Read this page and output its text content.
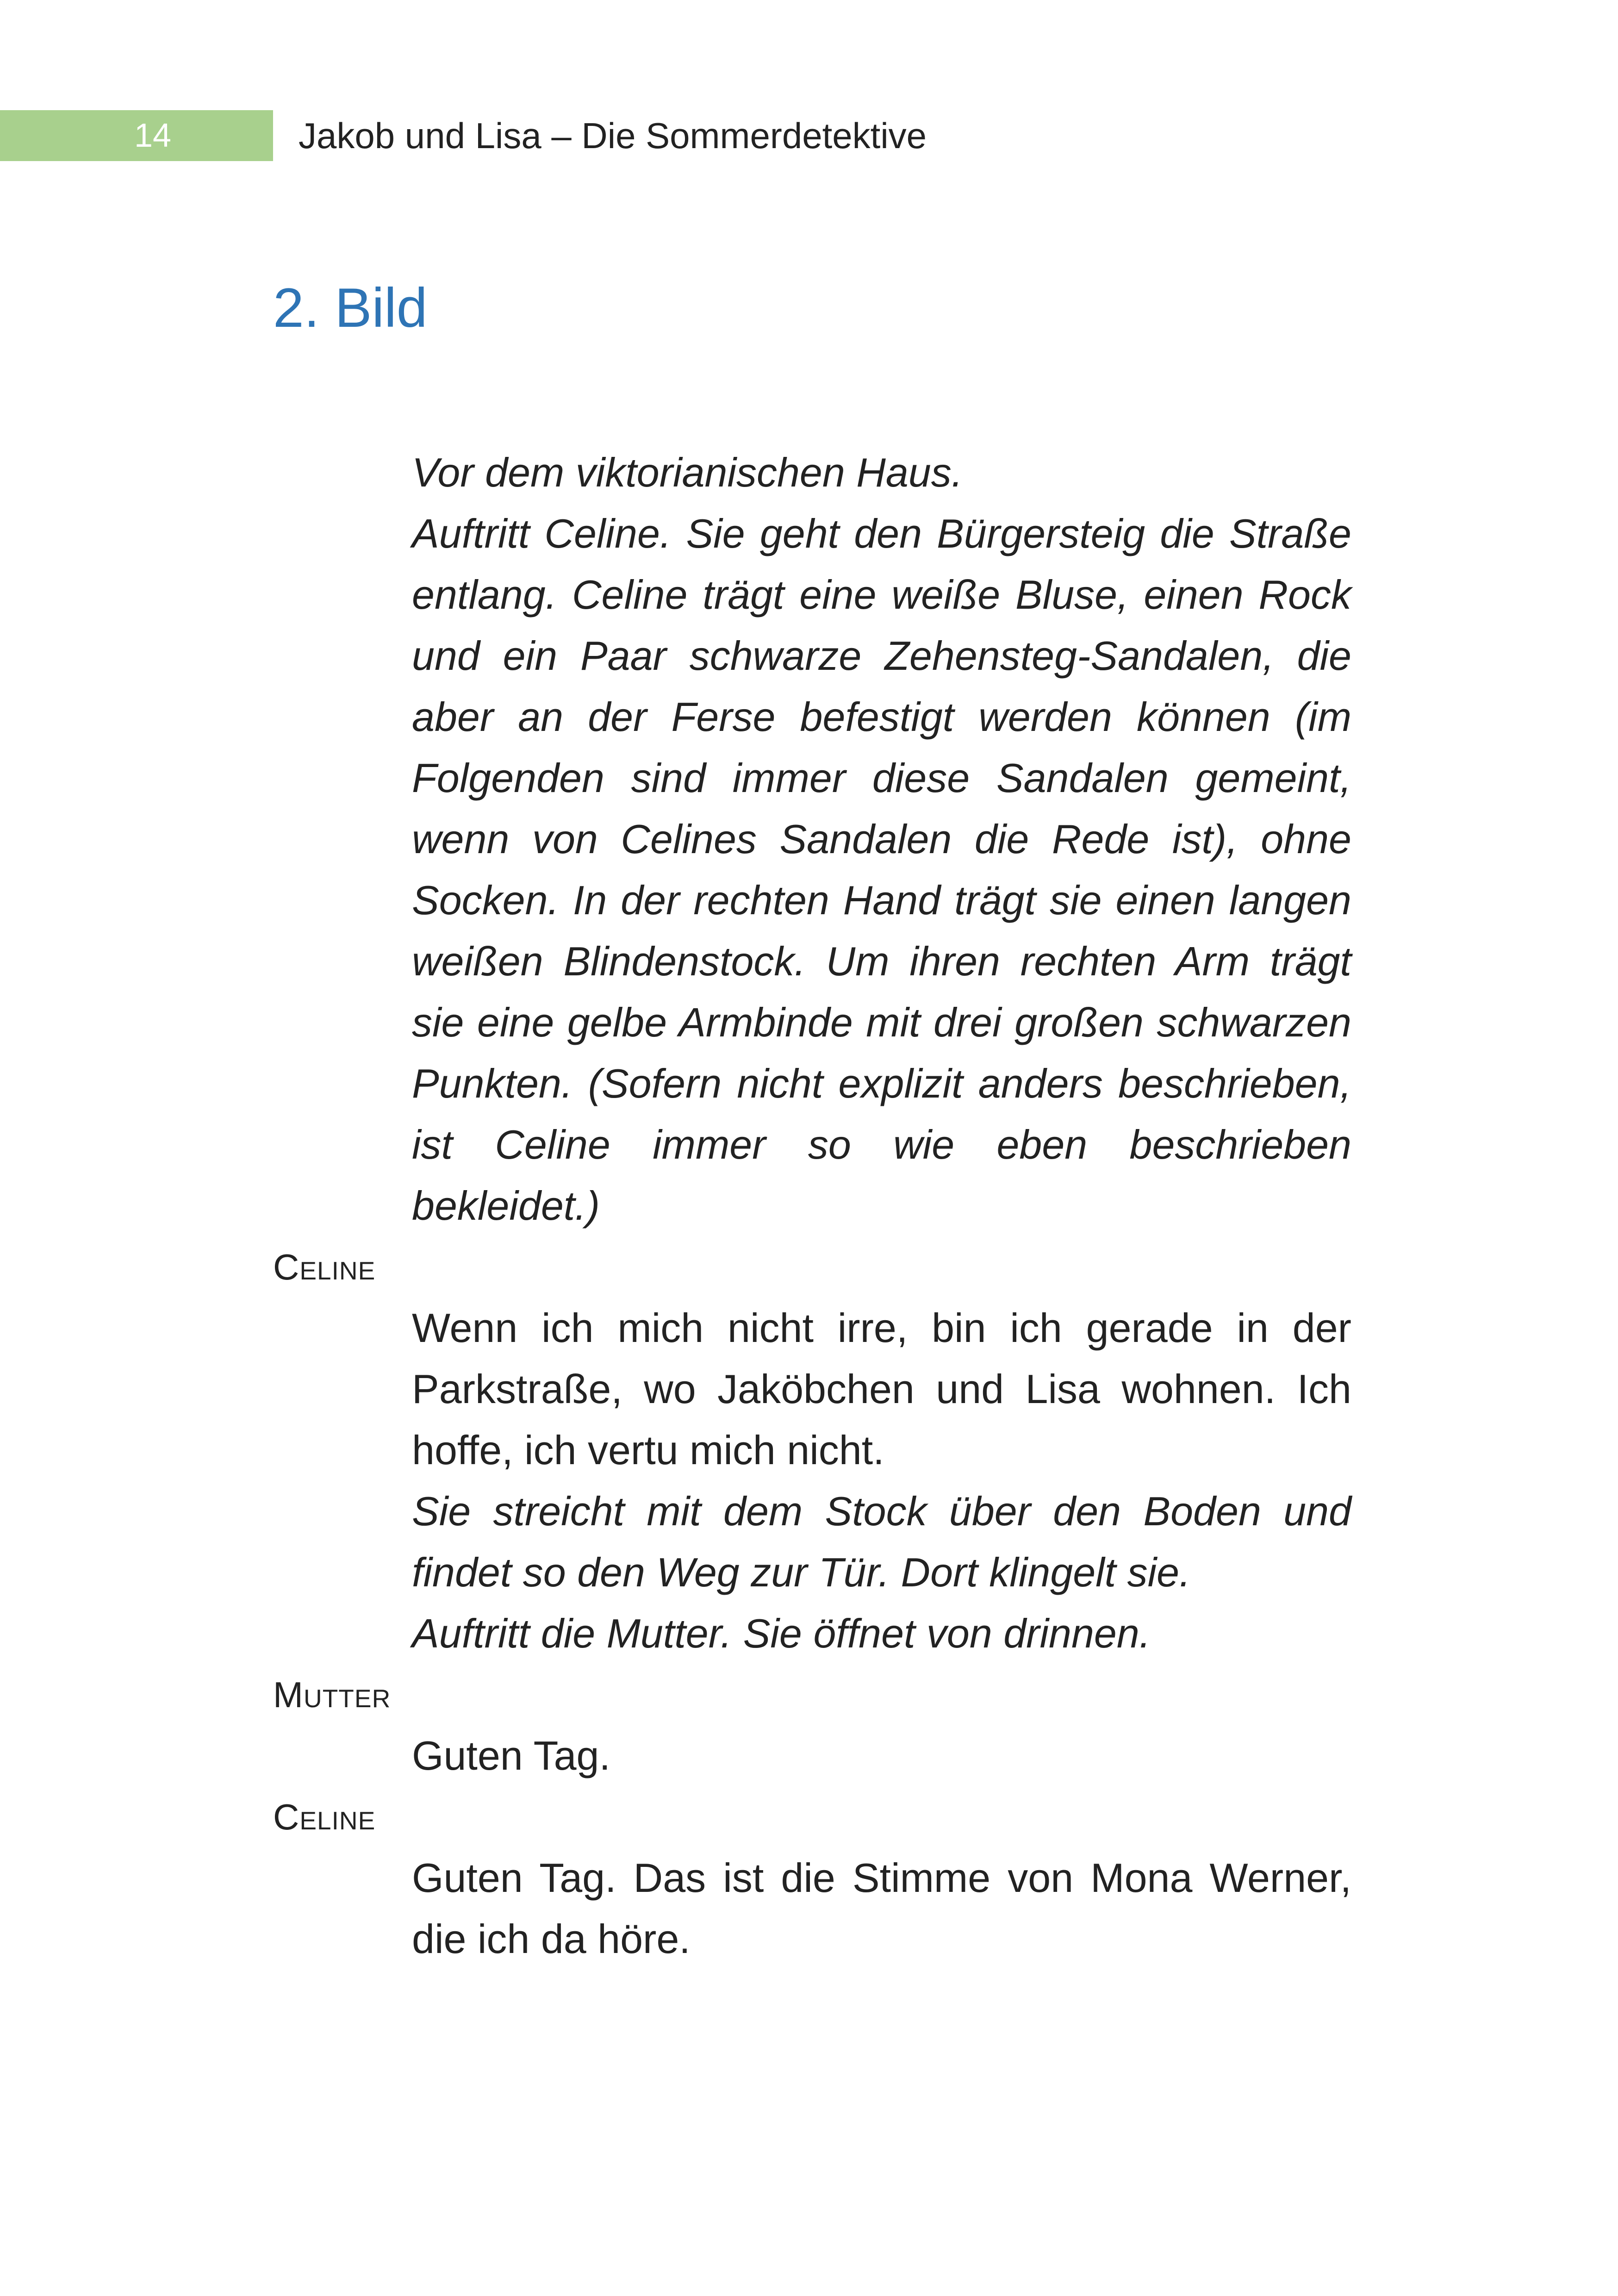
14	Jakob und Lisa – Die Sommerdetektive
2. Bild
Vor dem viktorianischen Haus.
Auftritt Celine. Sie geht den Bürgersteig die Straße entlang. Celine trägt eine weiße Bluse, einen Rock und ein Paar schwarze Zehensteg-Sandalen, die aber an der Ferse befestigt werden können (im Folgenden sind immer diese Sandalen gemeint, wenn von Celines Sandalen die Rede ist), ohne Socken. In der rechten Hand trägt sie einen langen weißen Blindenstock. Um ihren rechten Arm trägt sie eine gelbe Armbinde mit drei großen schwarzen Punkten. (Sofern nicht explizit anders beschrieben, ist Celine immer so wie eben beschrieben bekleidet.)
Celine
Wenn ich mich nicht irre, bin ich gerade in der Parkstraße, wo Jaköbchen und Lisa wohnen. Ich hoffe, ich vertu mich nicht.
Sie streicht mit dem Stock über den Boden und findet so den Weg zur Tür. Dort klingelt sie.
Auftritt die Mutter. Sie öffnet von drinnen.
Mutter
Guten Tag.
Celine
Guten Tag. Das ist die Stimme von Mona Werner, die ich da höre.
